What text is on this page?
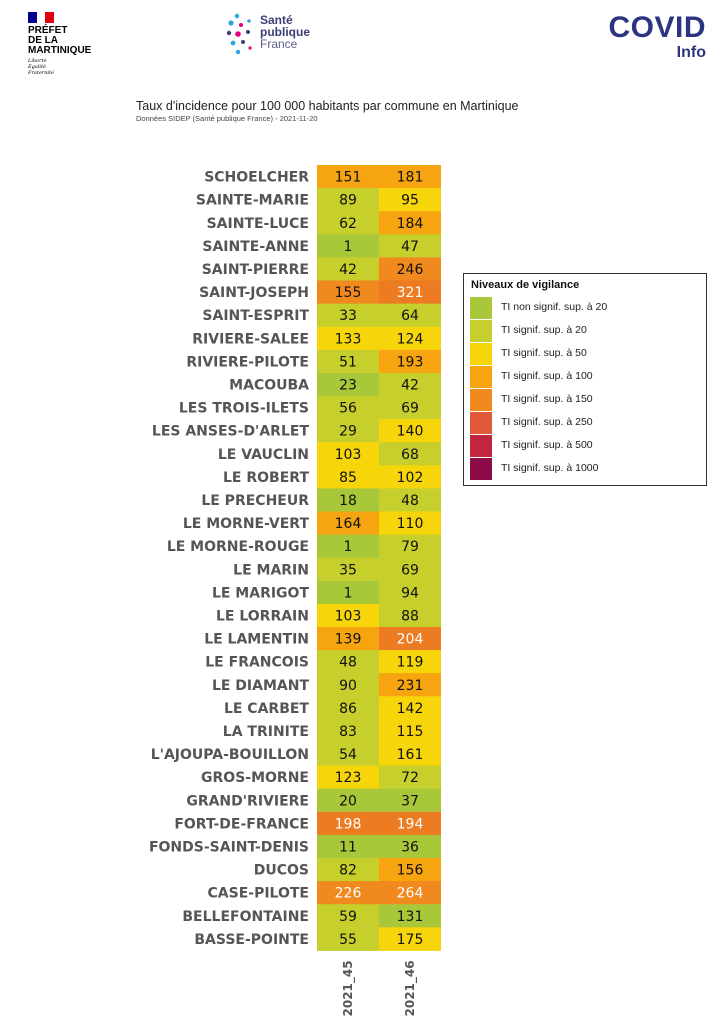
PRÉFET
DE LA
MARTINIQUE
Liberté
Égalité
Fraternité
Santé
publique
France	COVID
Info
Taux d'incidence pour 100 000 habitants par commune en Martinique
Données SIDEP (Santé publique France) - 2021-11-20
SCHOELCHER 151	181
SAINTE-MARIE 89	95
SAINTE-LUCE 62	184
SAINTE-ANNE 1	47
SAINT-PIERRE 42	246
SAINT-JOSEPH 155	321
SAINT-ESPRIT 33	64
RIVIERE-SALEE 133	124
RIVIERE-PILOTE 51	193
MACOUBA 23	42
LES TROIS-ILETS 56	69
LES ANSES-D'ARLET 29	140
LE VAUCLIN 103	68
LE ROBERT 85	102
LE PRECHEUR 18	48
LE MORNE-VERT 164	110
LE MORNE-ROUGE 1	79
LE MARIN 35	69
LE MARIGOT 1	94
LE LORRAIN 103	88
LE LAMENTIN 139	204
LE FRANCOIS 48	119
LE DIAMANT 90	231
LE CARBET 86	142
LA TRINITE 83	115
L'AJOUPA-BOUILLON 54	161
GROS-MORNE 123	72
GRAND'RIVIERE 20	37
FORT-DE-FRANCE 198	194
FONDS-SAINT-DENIS 11	36
DUCOS 82	156
CASE-PILOTE 226	264
BELLEFONTAINE 59	131
BASSE-POINTE 55	175
2021_45	2021_46
Niveaux de vigilance
TI non signif. sup. à 20
TI signif. sup. à 20
TI signif. sup. à 50
TI signif. sup. à 100
TI signif. sup. à 150
TI signif. sup. à 250
TI signif. sup. à 500
TI signif. sup. à 1000
